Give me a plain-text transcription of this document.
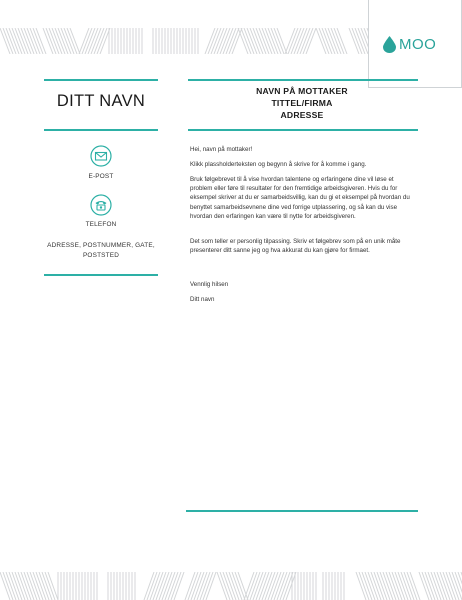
MOO
DITT NAVN
E-POST
TELEFON
ADRESSE, POSTNUMMER, GATE, POSTSTED
NAVN PÅ MOTTAKER
TITTEL/FIRMA
ADRESSE

Hei, navn på mottaker!

Klikk plassholderteksten og begynn å skrive for å komme i gang.

Bruk følgebrevet til å vise hvordan talentene og erfaringene dine vil løse et problem eller føre til resultater for den fremtidige arbeidsgiveren. Hvis du for eksempel skriver at du er samarbeidsvillig, kan du gi et eksempel på hvordan du benyttet samarbeidsevnene dine ved forrige utplassering, og så kan du vise hvordan den erfaringen kan være til nytte for arbeidsgiveren.

Det som teller er personlig tilpassing. Skriv et følgebrev som på en unik måte presenterer ditt sanne jeg og hva akkurat du kan gjøre for firmaet.

Vennlig hilsen

Ditt navn
